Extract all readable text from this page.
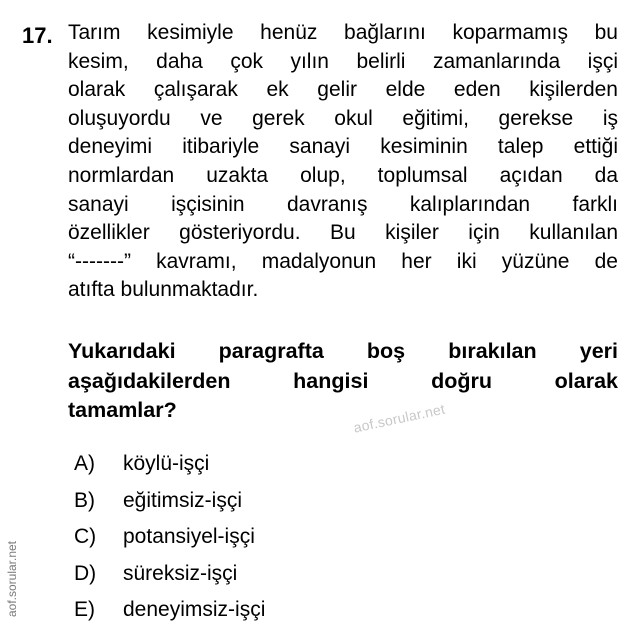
17. Tarım kesimiyle henüz bağlarını koparmamış bu
kesim, daha çok yılın belirli zamanlarında işçi
olarak çalışarak ek gelir elde eden kişilerden
oluşuyordu ve gerek okul eğitimi, gerekse iş
deneyimi itibariyle sanayi kesiminin talep ettiği
normlardan uzakta olup, toplumsal açıdan da
sanayi işçisinin davranış kalıplarından farklı
özellikler gösteriyordu. Bu kişiler için kullanılan
“-------” kavramı, madalyonun her iki yüzüne de
atıfta bulunmaktadır.
Yukarıdaki paragrafta boş bırakılan yeri
aşağıdakilerden hangisi doğru olarak
tamamlar?
A)	köylü-işçi
B)	eğitimsiz-işçi
C)	potansiyel-işçi
D)	süreksiz-işçi
E)	deneyimsiz-işçi
aof.sorular.net
aof.sorular.net
